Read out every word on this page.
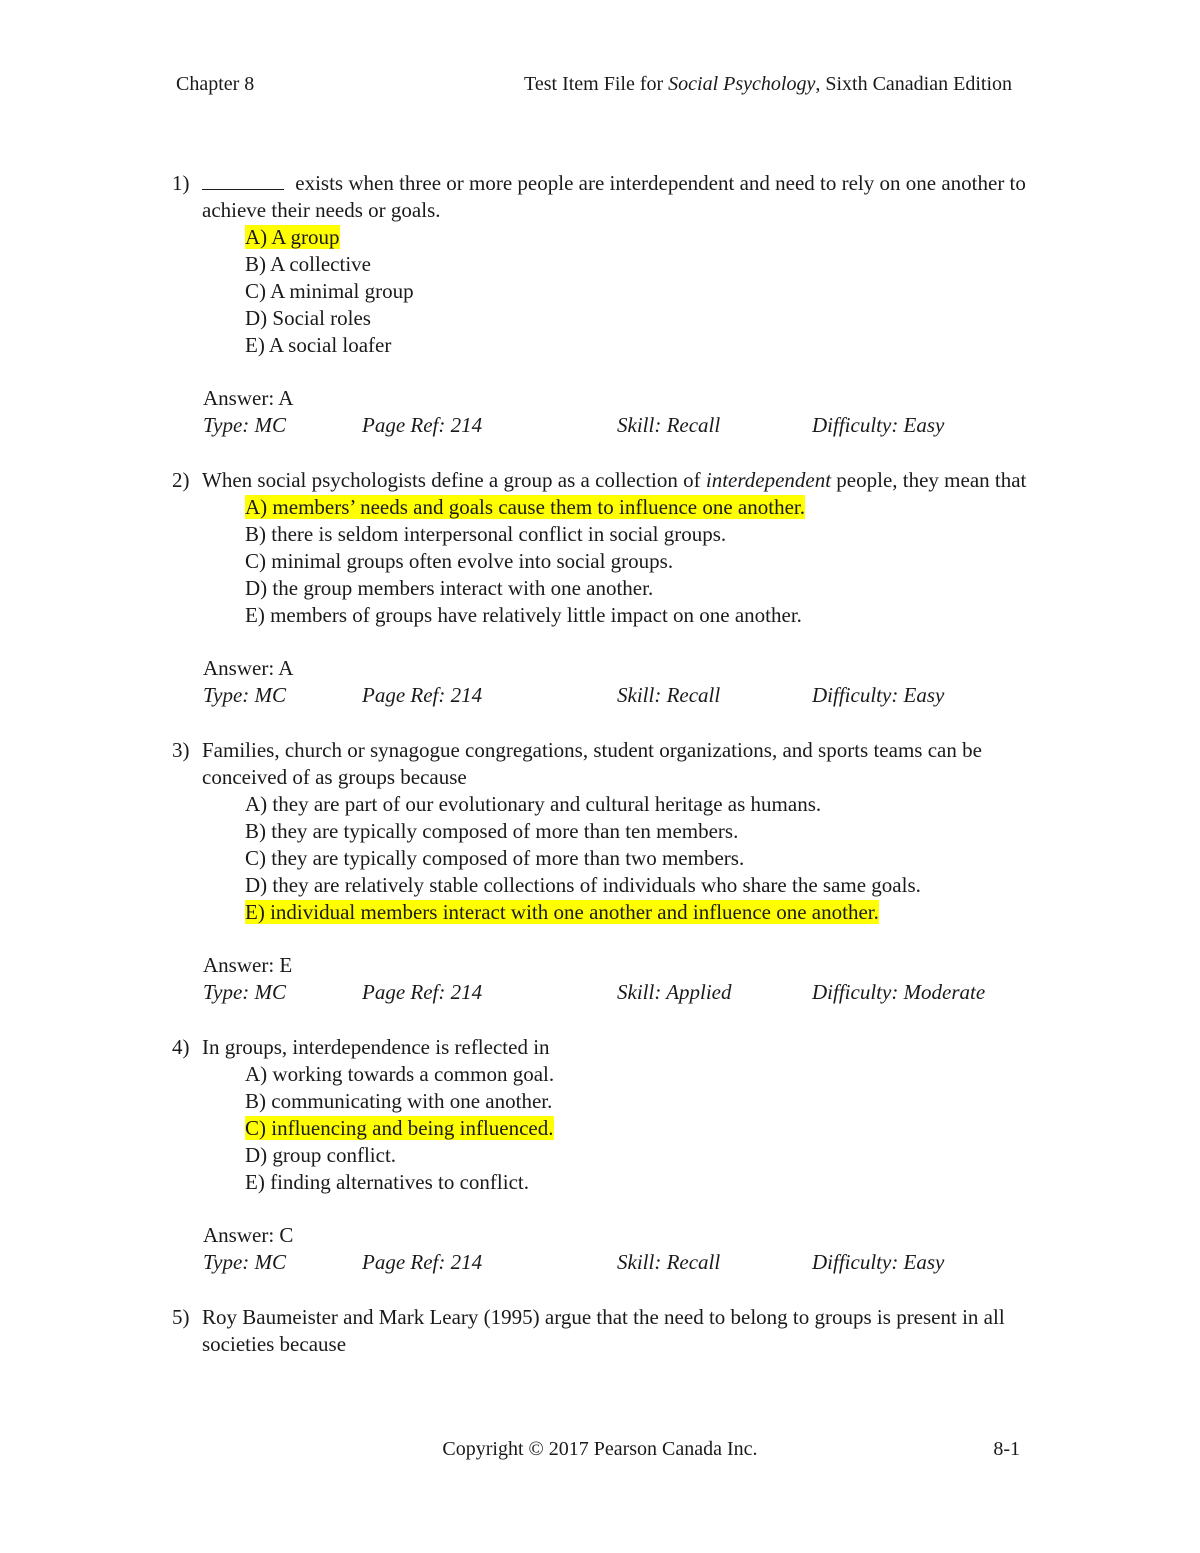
Chapter 8	Test Item File for Social Psychology, Sixth Canadian Edition
1)	exists when three or more people are interdependent and need to rely on one another to achieve their needs or goals.
A) A group
B) A collective
C) A minimal group
D) Social roles
E) A social loafer
Answer: A
Type: MC	Page Ref: 214	Skill: Recall	Difficulty: Easy
2) When social psychologists define a group as a collection of interdependent people, they mean that
A) members’ needs and goals cause them to influence one another.
B) there is seldom interpersonal conflict in social groups.
C) minimal groups often evolve into social groups.
D) the group members interact with one another.
E) members of groups have relatively little impact on one another.
Answer: A
Type: MC	Page Ref: 214	Skill: Recall	Difficulty: Easy
3) Families, church or synagogue congregations, student organizations, and sports teams can be conceived of as groups because
A) they are part of our evolutionary and cultural heritage as humans.
B) they are typically composed of more than ten members.
C) they are typically composed of more than two members.
D) they are relatively stable collections of individuals who share the same goals.
E) individual members interact with one another and influence one another.
Answer: E
Type: MC	Page Ref: 214	Skill: Applied	Difficulty: Moderate
4) In groups, interdependence is reflected in
A) working towards a common goal.
B) communicating with one another.
C) influencing and being influenced.
D) group conflict.
E) finding alternatives to conflict.
Answer: C
Type: MC	Page Ref: 214	Skill: Recall	Difficulty: Easy
5) Roy Baumeister and Mark Leary (1995) argue that the need to belong to groups is present in all societies because
Copyright © 2017 Pearson Canada Inc.	8-1
